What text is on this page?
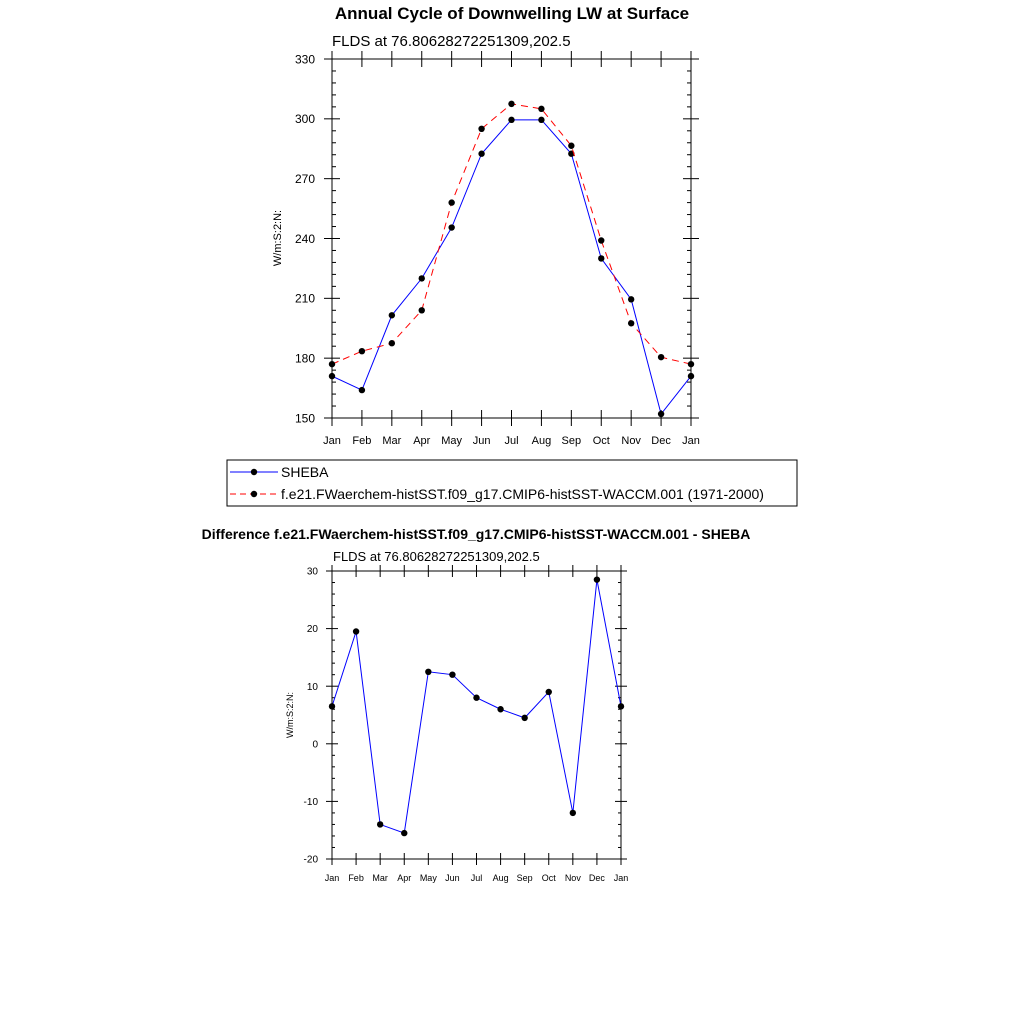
Annual Cycle of Downwelling LW at Surface
FLDS at 76.80628272251309,202.5
W/m:S:2:N:
150
180
210
240
270
300
330
Jan Feb Mar Apr May Jun Jul Aug Sep Oct Nov Dec Jan
SHEBA
f.e21.FWaerchem-histSST.f09_g17.CMIP6-histSST-WACCM.001 (1971-2000)
Difference f.e21.FWaerchem-histSST.f09_g17.CMIP6-histSST-WACCM.001 - SHEBA
FLDS at 76.80628272251309,202.5
W/m:S:2:N:
-20
-10
0
10
20
30
Jan Feb Mar Apr May Jun Jul Aug Sep Oct Nov Dec Jan
